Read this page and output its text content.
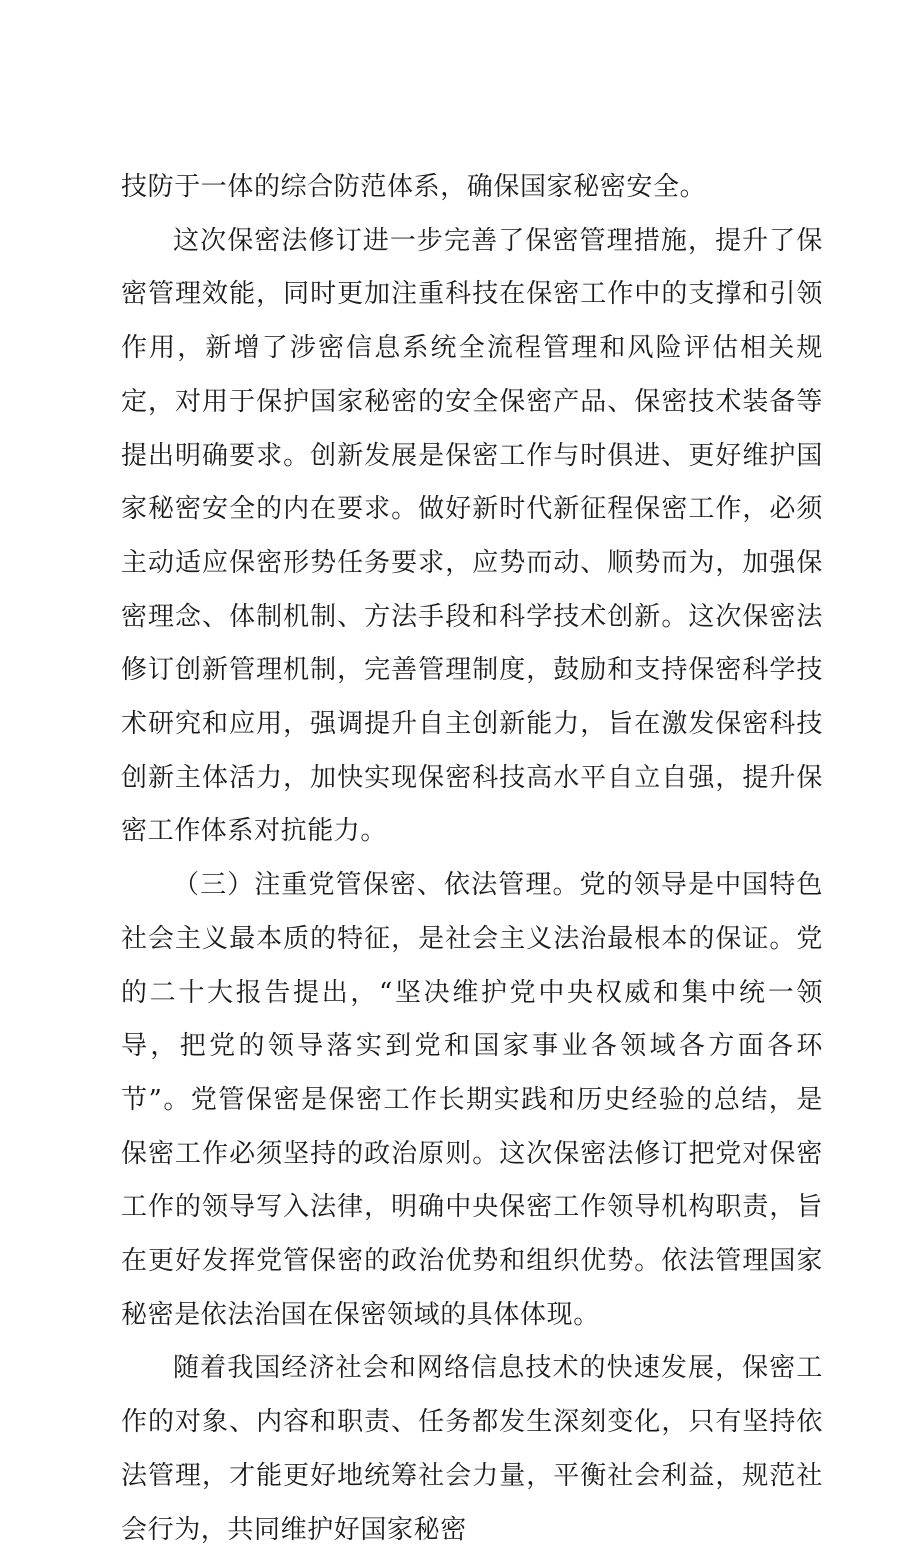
技防于一体的综合防范体系，确保国家秘密安全。

这次保密法修订进一步完善了保密管理措施，提升了保密管理效能，同时更加注重科技在保密工作中的支撑和引领作用，新增了涉密信息系统全流程管理和风险评估相关规定，对用于保护国家秘密的安全保密产品、保密技术装备等提出明确要求。创新发展是保密工作与时俱进、更好维护国家秘密安全的内在要求。做好新时代新征程保密工作，必须主动适应保密形势任务要求，应势而动、顺势而为，加强保密理念、体制机制、方法手段和科学技术创新。这次保密法修订创新管理机制，完善管理制度，鼓励和支持保密科学技术研究和应用，强调提升自主创新能力，旨在激发保密科技创新主体活力，加快实现保密科技高水平自立自强，提升保密工作体系对抗能力。

（三）注重党管保密、依法管理。党的领导是中国特色社会主义最本质的特征，是社会主义法治最根本的保证。党的二十大报告提出，“坚决维护党中央权威和集中统一领导，把党的领导落实到党和国家事业各领域各方面各环节”。党管保密是保密工作长期实践和历史经验的总结，是保密工作必须坚持的政治原则。这次保密法修订把党对保密工作的领导写入法律，明确中央保密工作领导机构职责，旨在更好发挥党管保密的政治优势和组织优势。依法管理国家秘密是依法治国在保密领域的具体体现。

随着我国经济社会和网络信息技术的快速发展，保密工作的对象、内容和职责、任务都发生深刻变化，只有坚持依法管理，才能更好地统筹社会力量，平衡社会利益，规范社会行为，共同维护好国家秘密
